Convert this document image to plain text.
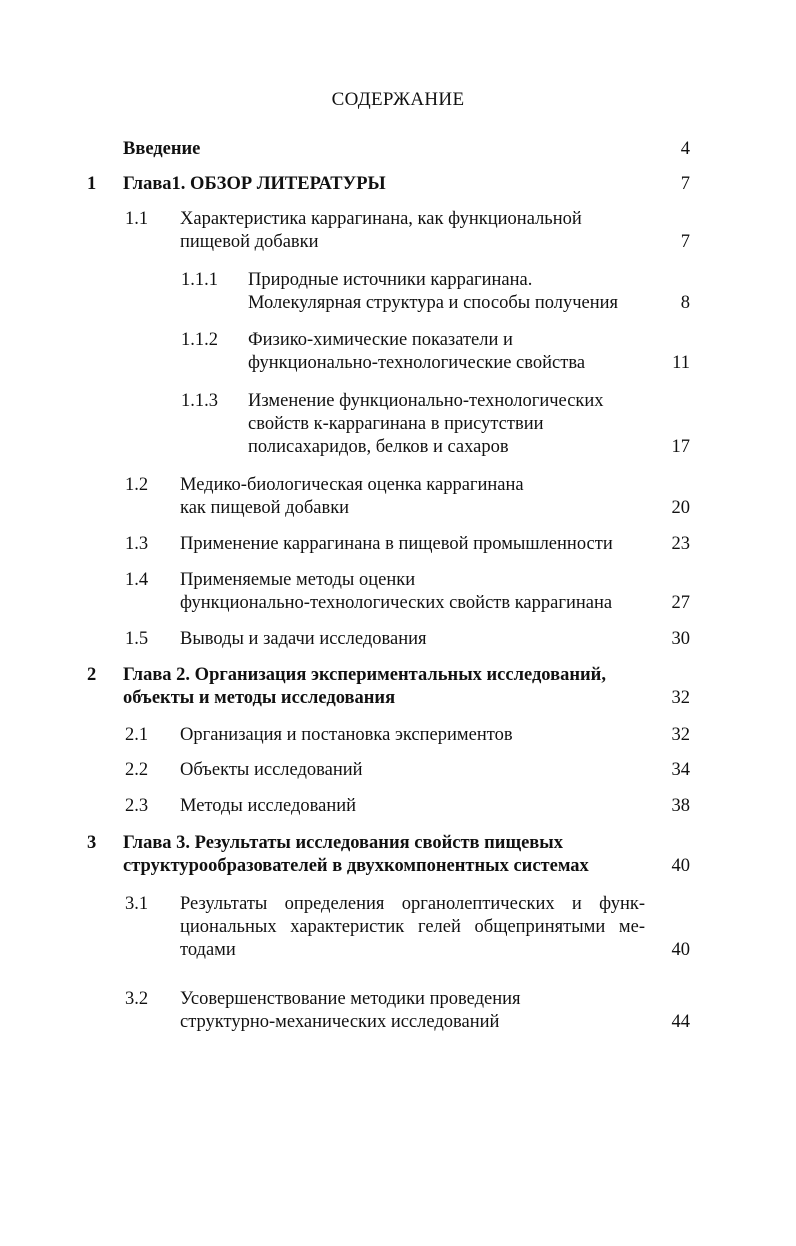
СОДЕРЖАНИЕ
Введение	4
1 Глава1. ОБЗОР ЛИТЕРАТУРЫ	7
1.1 Характеристика каррагинана, как функциональной
пищевой добавки	7
1.1.1 Природные источники каррагинана.
Молекулярная структура и способы получения	8
1.1.2 Физико-химические показатели и
функционально-технологические свойства	11
1.1.3 Изменение функционально-технологических
свойств к-каррагинана в присутствии
полисахаридов, белков и сахаров	17
1.2 Медико-биологическая оценка каррагинана
как пищевой добавки	20
1.3 Применение каррагинана в пищевой промышленности	23
1.4 Применяемые методы оценки
функционально-технологических свойств каррагинана	27
1.5 Выводы и задачи исследования	30
2 Глава 2. Организация экспериментальных исследований,
объекты и методы исследования	32
2.1 Организация и постановка экспериментов	32
2.2 Объекты исследований	34
2.3 Методы исследований	38
3 Глава 3. Результаты исследования свойств пищевых
структурообразователей в двухкомпонентных системах	40
3.1 Результаты определения органолептических и функ-
циональных характеристик гелей общепринятыми ме-
тодами	40
3.2 Усовершенствование методики проведения
структурно-механических исследований	44
